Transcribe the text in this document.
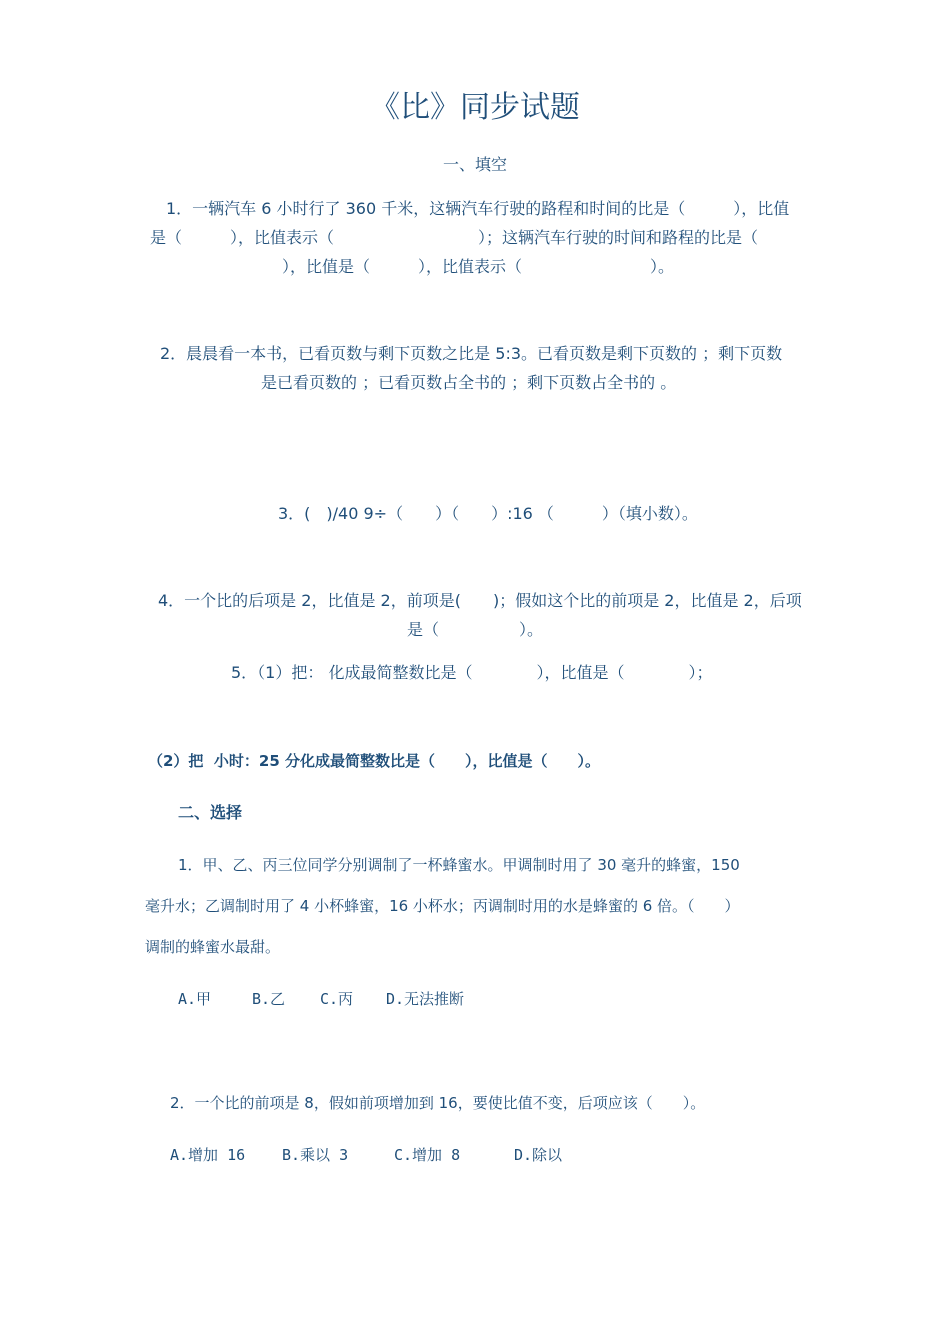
《比》同步试题
一、填空
1．一辆汽车 6 小时行了 360 千米，这辆汽车行驶的路程和时间的比是（　　　），比值
是（　　　），比值表示（　　　　　　　　　）；这辆汽车行驶的时间和路程的比是（
），比值是（　　　），比值表示（　　　　　　　　）。
2．晨晨看一本书，已看页数与剩下页数之比是 5:3。已看页数是剩下页数的 ；剩下页数
是已看页数的 ；已看页数占全书的 ；剩下页数占全书的 。
3．(　)/40 9÷（　　）（　　）:16 （　　　）（填小数）。
4．一个比的后项是 2，比值是 2，前项是(　　)；假如这个比的前项是 2，比值是 2，后项
是（　　　　　）。
5．（1）把： 化成最简整数比是（　　　　），比值是（　　　　）；
（2）把  小时：25 分化成最简整数比是（　　），比值是（　　）。
二、选择
1．甲、乙、丙三位同学分别调制了一杯蜂蜜水。甲调制时用了 30 毫升的蜂蜜，150
毫升水；乙调制时用了 4 小杯蜂蜜，16 小杯水；丙调制时用的水是蜂蜜的 6 倍。（　　）
调制的蜂蜜水最甜。
A.甲	B.乙 C.丙 D.无法推断
2．一个比的前项是 8，假如前项增加到 16，要使比值不变，后项应该（　　）。
A.增加 16 B.乘以 3	C.增加 8	D.除以
